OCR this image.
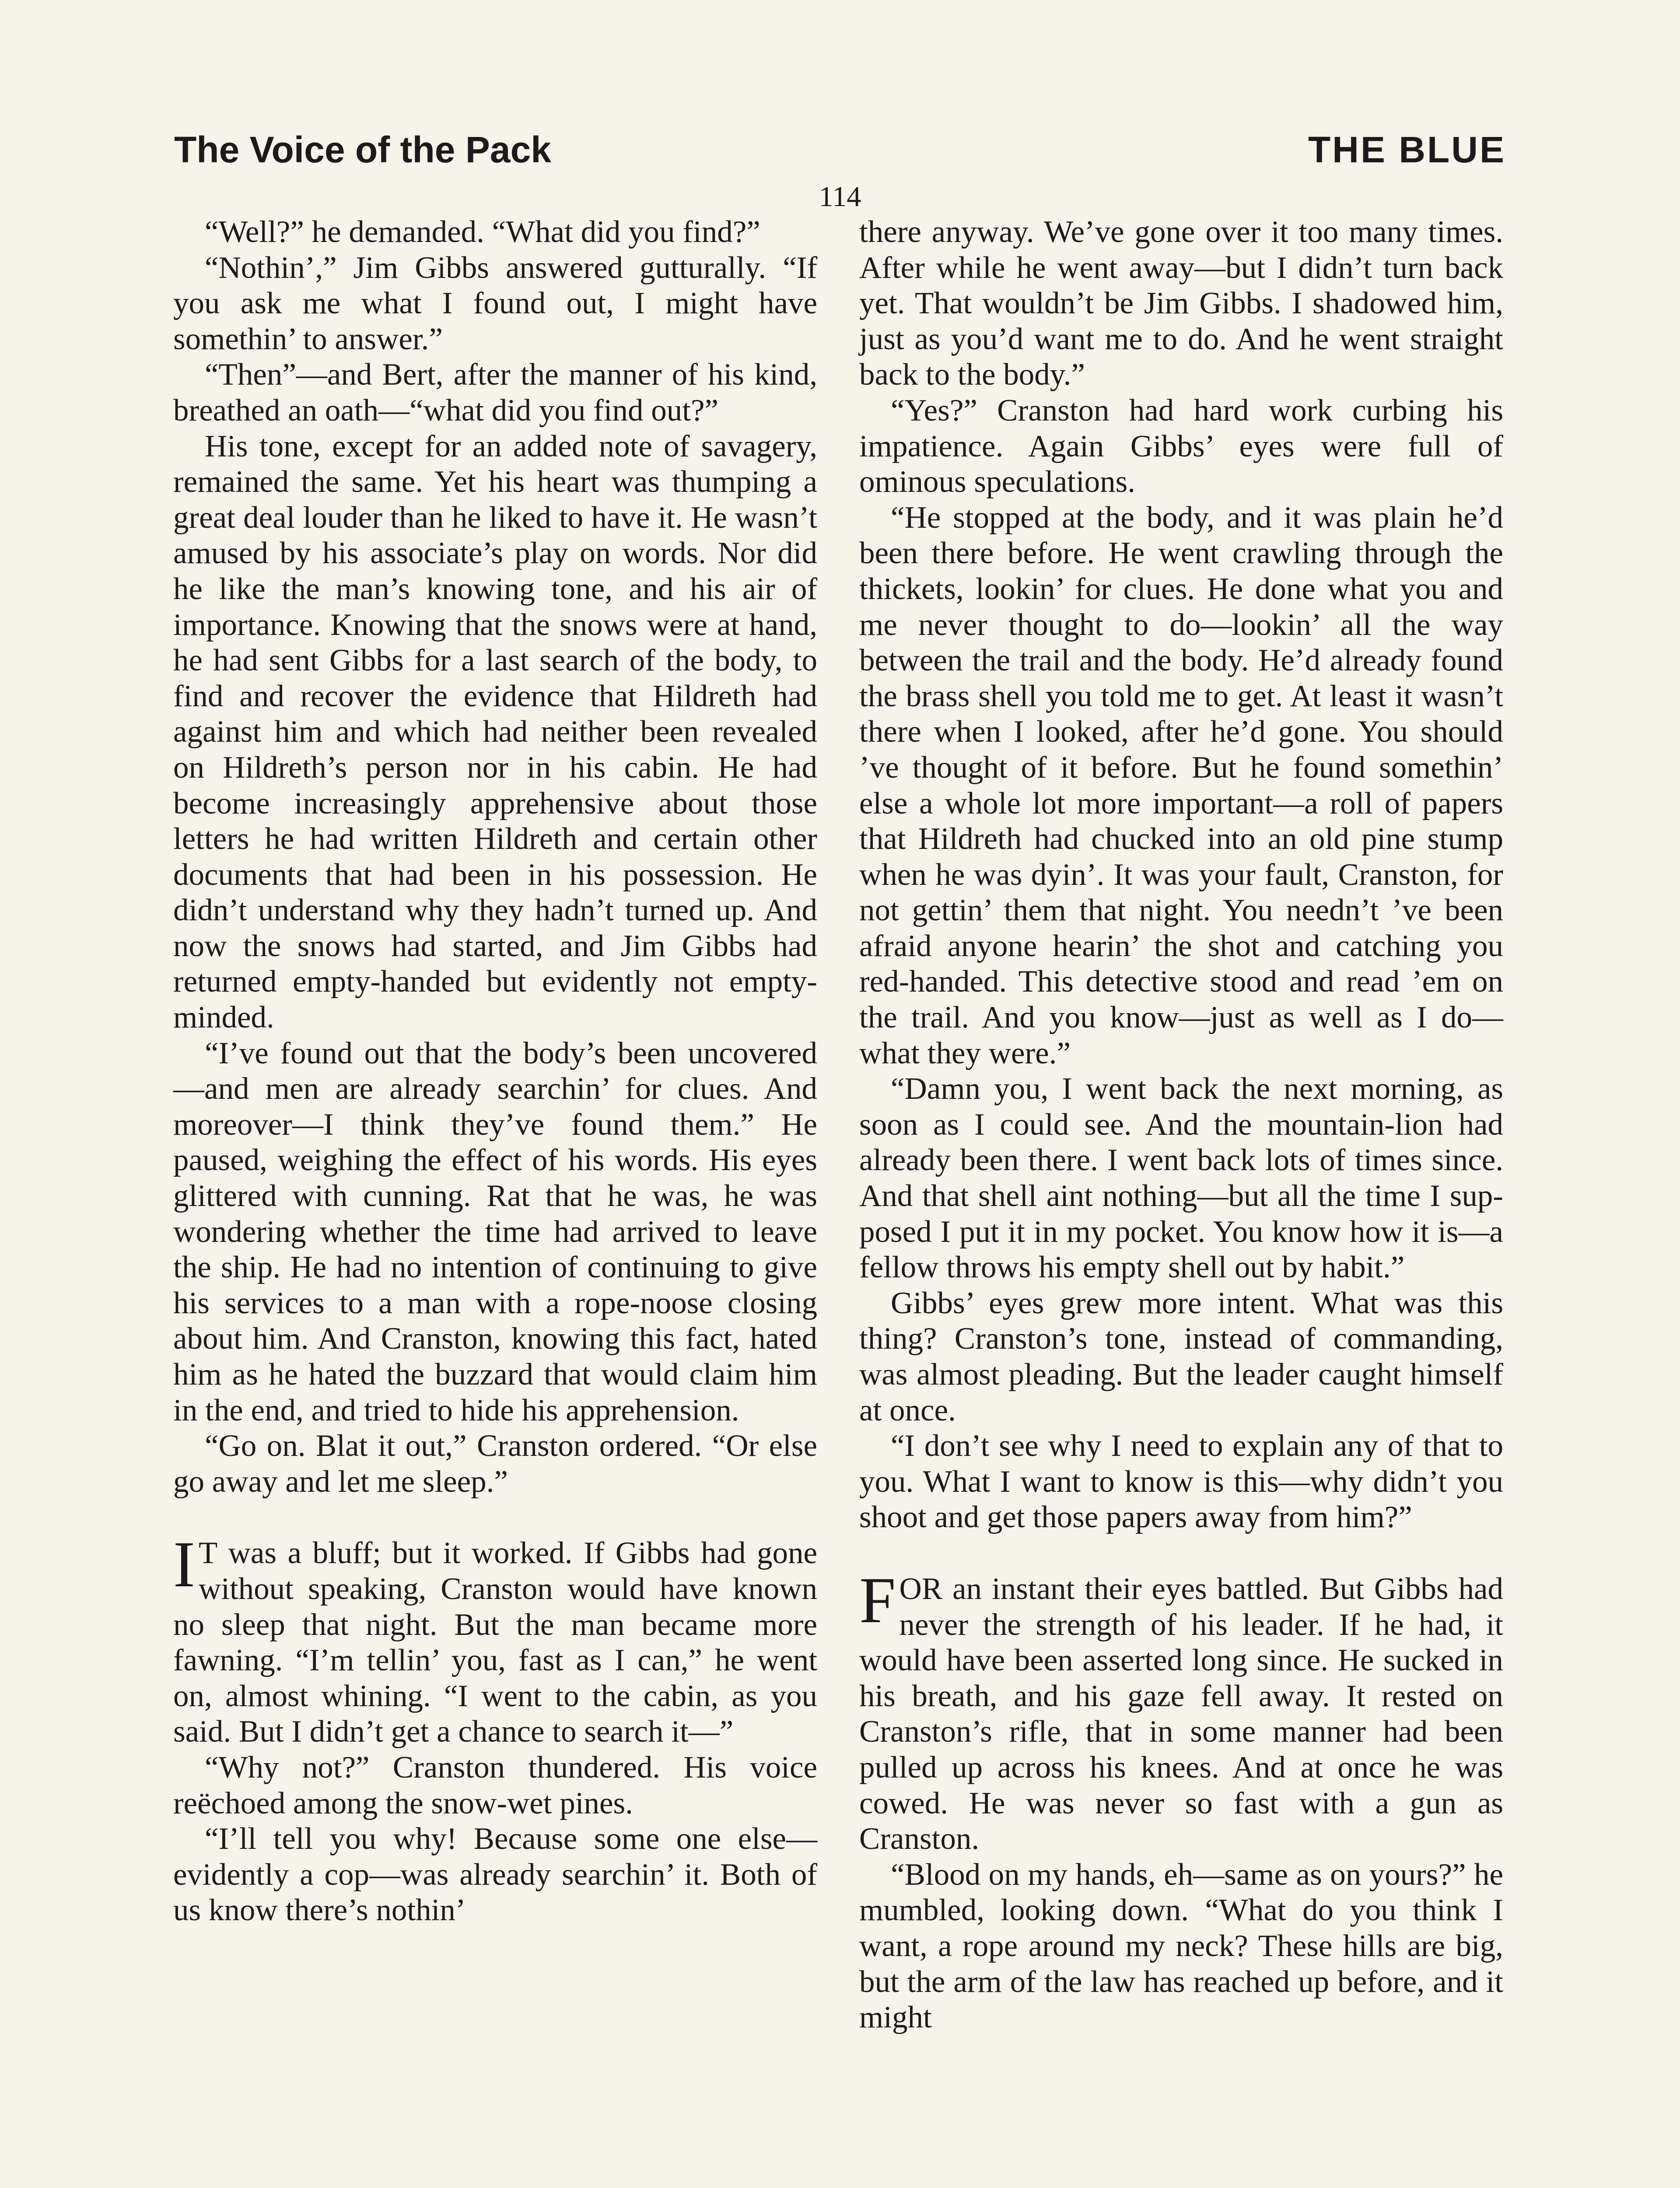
The Voice of the Pack	THE BLUE
114

“Well?” he demanded. “What did you find?”

“Nothin’,” Jim Gibbs answered gutturally. “If you ask me what I found out, I might have somethin’ to answer.”

“Then”—and Bert, after the manner of his kind, breathed an oath—“what did you find out?”

His tone, except for an added note of savagery, remained the same. Yet his heart was thumping a great deal louder than he liked to have it. He wasn’t amused by his associate’s play on words. Nor did he like the man’s knowing tone, and his air of importance. Knowing that the snows were at hand, he had sent Gibbs for a last search of the body, to find and recover the evidence that Hildreth had against him and which had neither been revealed on Hildreth’s person nor in his cabin. He had become increasingly apprehensive about those letters he had written Hildreth and certain other documents that had been in his possession. He didn’t understand why they hadn’t turned up. And now the snows had started, and Jim Gibbs had returned empty-handed but evidently not empty-minded.

“I’ve found out that the body’s been uncovered—and men are already searchin’ for clues. And moreover—I think they’ve found them.” He paused, weighing the effect of his words. His eyes glittered with cunning. Rat that he was, he was wondering whether the time had arrived to leave the ship. He had no intention of continuing to give his services to a man with a rope-noose closing about him. And Cranston, knowing this fact, hated him as he hated the buzzard that would claim him in the end, and tried to hide his apprehension.

“Go on. Blat it out,” Cranston ordered. “Or else go away and let me sleep.”

I T was a bluff; but it worked. If Gibbs had gone without speaking, Cranston would have known no sleep that night. But the man became more fawning. “I’m tellin’ you, fast as I can,” he went on, almost whining. “I went to the cabin, as you said. But I didn’t get a chance to search it—”

“Why not?” Cranston thundered. His voice reëchoed among the snow-wet pines.

“I’ll tell you why! Because some one else—evidently a cop—was already searchin’ it. Both of us know there’s nothin’

there anyway. We’ve gone over it too many times. After while he went away—but I didn’t turn back yet. That wouldn’t be Jim Gibbs. I shadowed him, just as you’d want me to do. And he went straight back to the body.”

“Yes?” Cranston had hard work curbing his impatience. Again Gibbs’ eyes were full of ominous speculations.

“He stopped at the body, and it was plain he’d been there before. He went crawling through the thickets, lookin’ for clues. He done what you and me never thought to do—lookin’ all the way between the trail and the body. He’d already found the brass shell you told me to get. At least it wasn’t there when I looked, after he’d gone. You should ’ve thought of it before. But he found somethin’ else a whole lot more important—a roll of papers that Hildreth had chucked into an old pine stump when he was dyin’. It was your fault, Cranston, for not gettin’ them that night. You needn’t ’ve been afraid anyone hearin’ the shot and catching you red-handed. This detective stood and read ’em on the trail. And you know—just as well as I do—what they were.”

“Damn you, I went back the next morning, as soon as I could see. And the mountain-lion had already been there. I went back lots of times since. And that shell aint nothing—but all the time I supposed I put it in my pocket. You know how it is—a fellow throws his empty shell out by habit.”

Gibbs’ eyes grew more intent. What was this thing? Cranston’s tone, instead of commanding, was almost pleading. But the leader caught himself at once.

“I don’t see why I need to explain any of that to you. What I want to know is this—why didn’t you shoot and get those papers away from him?”

FOR an instant their eyes battled. But Gibbs had never the strength of his leader. If he had, it would have been asserted long since. He sucked in his breath, and his gaze fell away. It rested on Cranston’s rifle, that in some manner had been pulled up across his knees. And at once he was cowed. He was never so fast with a gun as Cranston.

“Blood on my hands, eh—same as on yours?” he mumbled, looking down. “What do you think I want, a rope around my neck? These hills are big, but the arm of the law has reached up before, and it might
